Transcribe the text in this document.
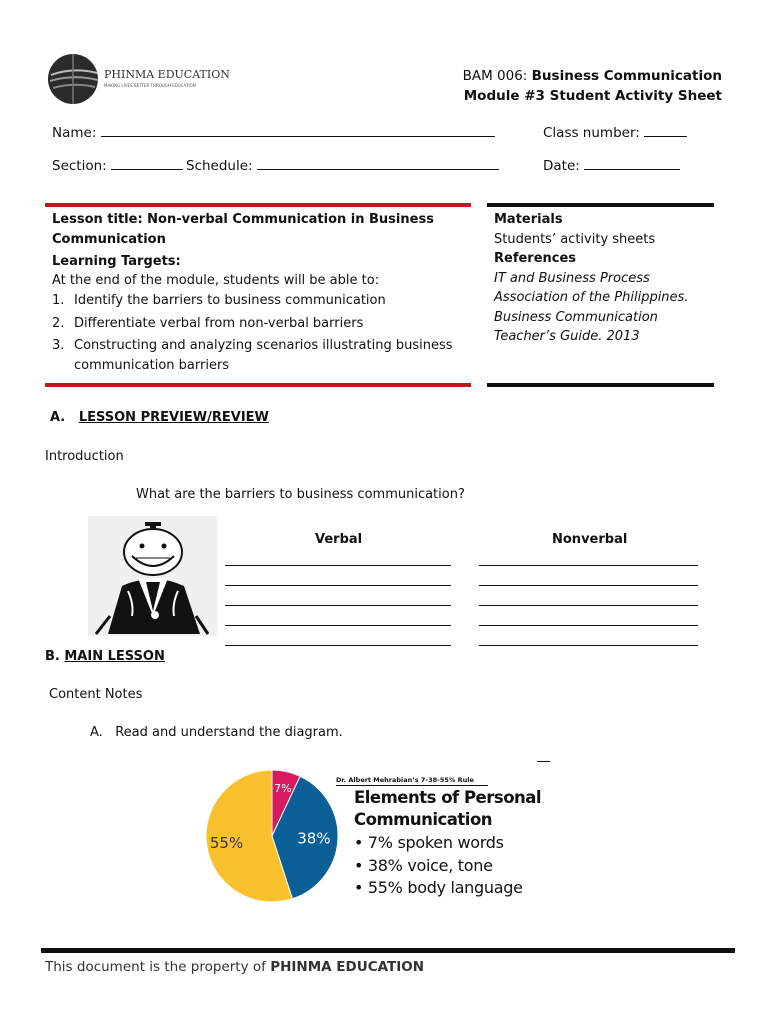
PHINMA EDUCATION
MAKING LIVES BETTER THROUGH EDUCATION
BAM 006: Business Communication
Module #3 Student Activity Sheet
Name:	Class number:
Section:	Schedule:	Date:
Lesson title: Non-verbal Communication in Business
Communication
Learning Targets:
At the end of the module, students will be able to:
1. Identify the barriers to business communication
2. Differentiate verbal from non-verbal barriers
3. Constructing and analyzing scenarios illustrating business
communication barriers
Materials
Students’ activity sheets
References
IT and Business Process
Association of the Philippines.
Business Communication
Teacher’s Guide. 2013
A. LESSON PREVIEW/REVIEW
Introduction
What are the barriers to business communication?
Verbal	Nonverbal
B. MAIN LESSON
Content Notes
A. Read and understand the diagram.
7%
38%
55%
Dr. Albert Mehrabian’s 7-38-55% Rule
Elements of Personal
Communication
• 7% spoken words
• 38% voice, tone
• 55% body language
This document is the property of PHINMA EDUCATION
